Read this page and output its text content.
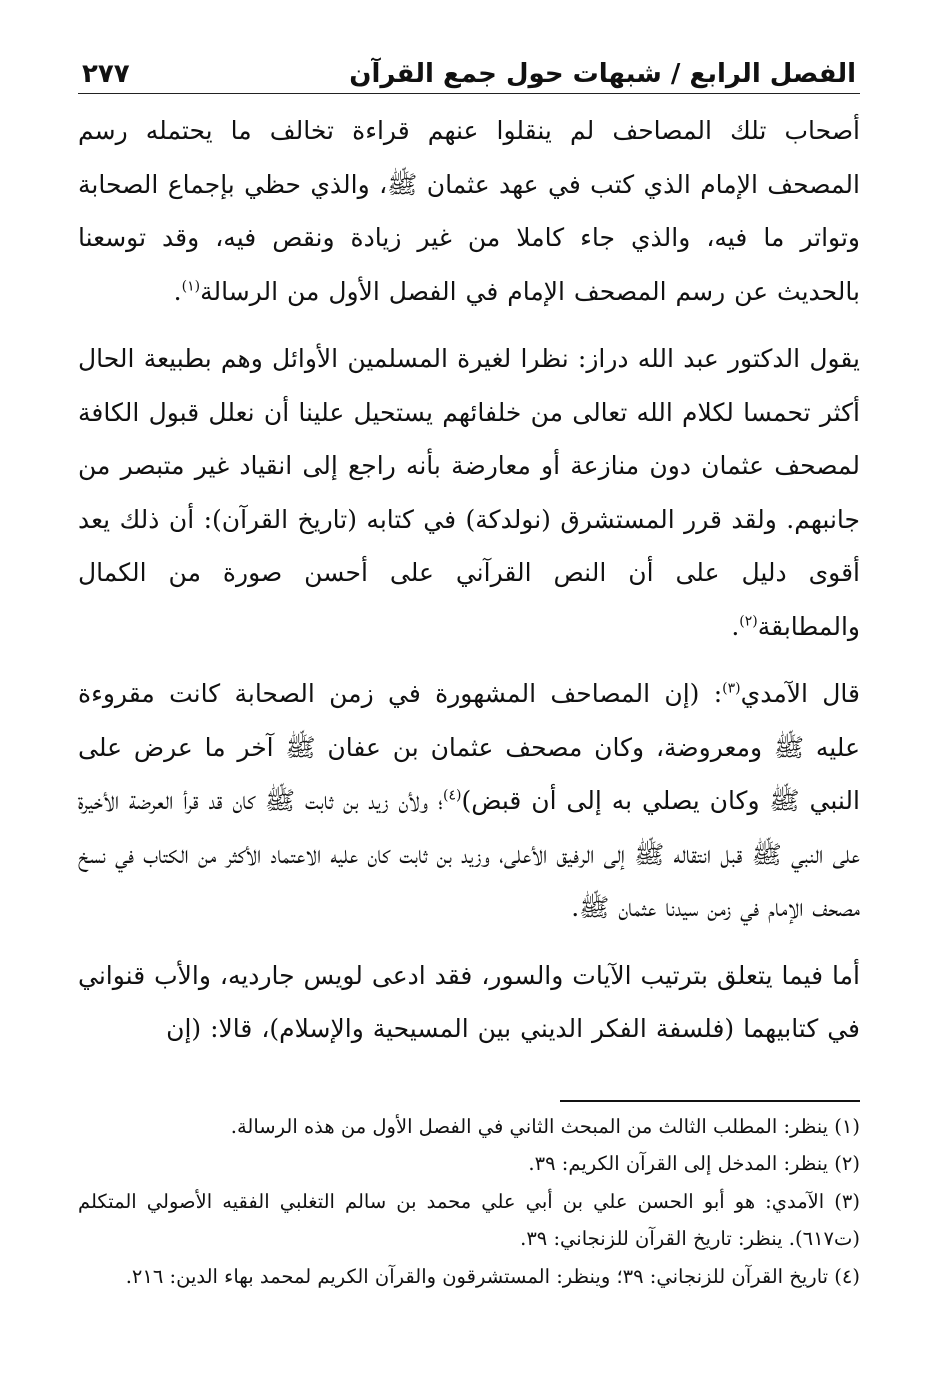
الفصل الرابع / شبهات حول جمع القرآن
٢٧٧

أصحاب تلك المصاحف لم ينقلوا عنهم قراءة تخالف ما يحتمله رسم المصحف الإمام الذي كتب في عهد عثمان ﷺ، والذي حظي بإجماع الصحابة وتواتر ما فيه، والذي جاء كاملا من غير زيادة ونقص فيه، وقد توسعنا بالحديث عن رسم المصحف الإمام في الفصل الأول من الرسالة$^{(١)}$.

يقول الدكتور عبد الله دراز: نظرا لغيرة المسلمين الأوائل وهم بطبيعة الحال أكثر تحمسا لكلام الله تعالى من خلفائهم يستحيل علينا أن نعلل قبول الكافة لمصحف عثمان دون منازعة أو معارضة بأنه راجع إلى انقياد غير متبصر من جانبهم. ولقد قرر المستشرق (نولدكة) في كتابه (تاريخ القرآن): أن ذلك يعد أقوى دليل على أن النص القرآني على أحسن صورة من الكمال والمطابقة$^{(٢)}$.

قال الآمدي$^{(٣)}$: (إن المصاحف المشهورة في زمن الصحابة كانت مقروءة عليه ﷺ ومعروضة، وكان مصحف عثمان بن عفان ﷺ آخر ما عرض على النبي ﷺ وكان يصلي به إلى أن قبض)$^{(٤)}$؛ ولأن زيد بن ثابت ﷺ كان قد قرأ العرضة الأخيرة على النبي ﷺ قبل انتقاله ﷺ إلى الرفيق الأعلى، وزيد بن ثابت كان عليه الاعتماد الأكثر من الكتاب في نسخ مصحف الإمام في زمن سيدنا عثمان ﷺ.

أما فيما يتعلق بترتيب الآيات والسور، فقد ادعى لويس جارديه، والأب قنواني في كتابيهما (فلسفة الفكر الديني بين المسيحية والإسلام)، قالا: (إن

(١) ينظر: المطلب الثالث من المبحث الثاني في الفصل الأول من هذه الرسالة.

(٢) ينظر: المدخل إلى القرآن الكريم: ٣٩.

(٣) الآمدي: هو أبو الحسن علي بن أبي علي محمد بن سالم التغلبي الفقيه الأصولي المتكلم (ت٦١٧). ينظر: تاريخ القرآن للزنجاني: ٣٩.

(٤) تاريخ القرآن للزنجاني: ٣٩؛ وينظر: المستشرقون والقرآن الكريم لمحمد بهاء الدين: ٢١٦.
